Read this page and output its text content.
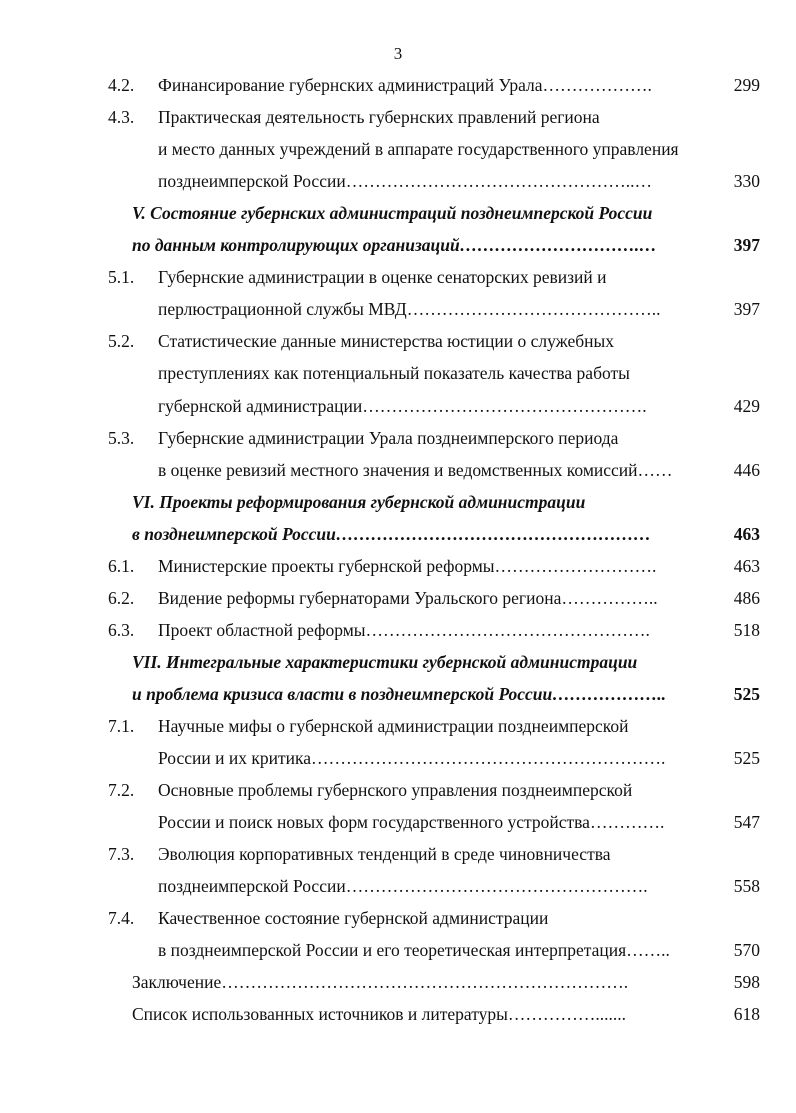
3
4.2.	Финансирование губернских администраций Урала……………….	299
4.3.	Практическая деятельность губернских правлений региона
и место данных учреждений в аппарате государственного управления
позднеимперской России…………………………………………..…	330
V. Состояние губернских администраций позднеимперской России
по данным контролирующих организаций………………………….…	397
5.1.	Губернские администрации в оценке сенаторских ревизий и
перлюстрационной службы МВД……………………………………..	397
5.2.	Статистические данные министерства юстиции о служебных
преступлениях как потенциальный показатель качества работы
губернской администрации………………………………………….	429
5.3.	Губернские администрации Урала позднеимперского периода
в оценке ревизий местного значения и ведомственных комиссий……	446
VI. Проекты реформирования губернской администрации
в позднеимперской России………………………………………………	463
6.1.	Министерские проекты губернской реформы……………………….	463
6.2.	Видение реформы губернаторами Уральского региона……………..	486
6.3.	Проект областной реформы………………………………………….	518
VII. Интегральные характеристики губернской администрации
и проблема кризиса власти в позднеимперской России………………..	525
7.1.	Научные мифы о губернской администрации позднеимперской
России и их критика…………………………………………………….	525
7.2.	Основные проблемы губернского управления позднеимперской
России и поиск новых форм государственного устройства………….	547
7.3.	Эволюция корпоративных тенденций в среде чиновничества
позднеимперской России…………………………………………….	558
7.4.	Качественное состояние губернской администрации
в позднеимперской России и его теоретическая интерпретация……..	570
Заключение…………………………………………………………….	598
Список использованных источников и литературы…………….......	618
